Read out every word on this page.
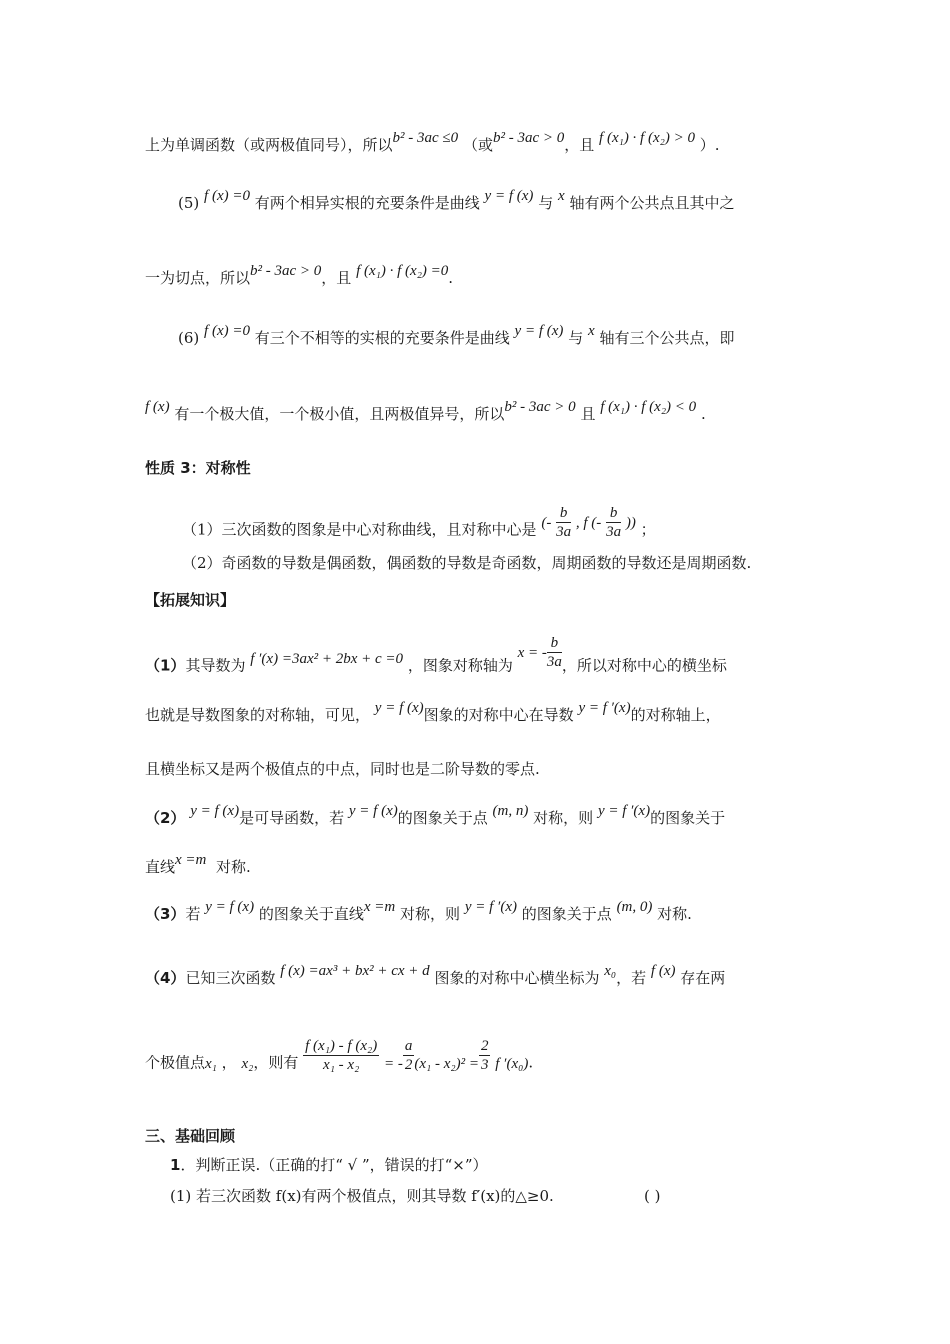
上为单调函数（或两极值同号），所以b² - 3ac ≤0 （或b² - 3ac > 0，且 f (x₁) · f (x₂) > 0 ）.
(5) f (x) =0 有两个相异实根的充要条件是曲线 y = f (x) 与 x 轴有两个公共点且其中之
一为切点，所以b² - 3ac > 0，且 f (x₁) · f (x₂) =0.
(6) f (x) =0 有三个不相等的实根的充要条件是曲线 y = f (x) 与 x 轴有三个公共点，即
f (x) 有一个极大值，一个极小值，且两极值异号，所以b² - 3ac > 0 且 f (x₁) · f (x₂) < 0 .
性质 3：对称性
（1）三次函数的图象是中心对称曲线，且对称中心是 (- $\frac{b}{3a}$ , f (- $\frac{b}{3a}$ )) ；
（2）奇函数的导数是偶函数，偶函数的导数是奇函数，周期函数的导数还是周期函数.
【拓展知识】
（1）其导数为 f ′(x) =3ax² + 2bx + c =0 ，图象对称轴为 x = - $\frac{b}{3a}$ ，所以对称中心的横坐标
也就是导数图象的对称轴，可见， y = f (x)图象的对称中心在导数 y = f ′(x)的对称轴上，
且横坐标又是两个极值点的中点，同时也是二阶导数的零点.
（2） y = f (x)是可导函数，若 y = f (x)的图象关于点 (m, n) 对称，则 y = f ′(x)的图象关于
直线x =m 对称.
（3）若 y = f (x) 的图象关于直线x =m 对称，则 y = f ′(x) 的图象关于点 (m, 0) 对称.
（4）已知三次函数 f (x) =ax³ + bx² + cx + d 图象的对称中心横坐标为 x₀，若 f (x) 存在两
个极值点x₁ ， x₂，则有 $\frac{\text{f (x₁) - f (x₂)}}{\text{x₁ - x₂}}$ = - $\frac{a}{2} (x_1 - x_2)^2 = \frac{2}{3}$ f ′(x₀).
三、基础回顾
1．判断正误.（正确的打“ √ ”，错误的打“×”）
(1) 若三次函数 f(x)有两个极值点，则其导数 f′(x)的△≥0.	( )
